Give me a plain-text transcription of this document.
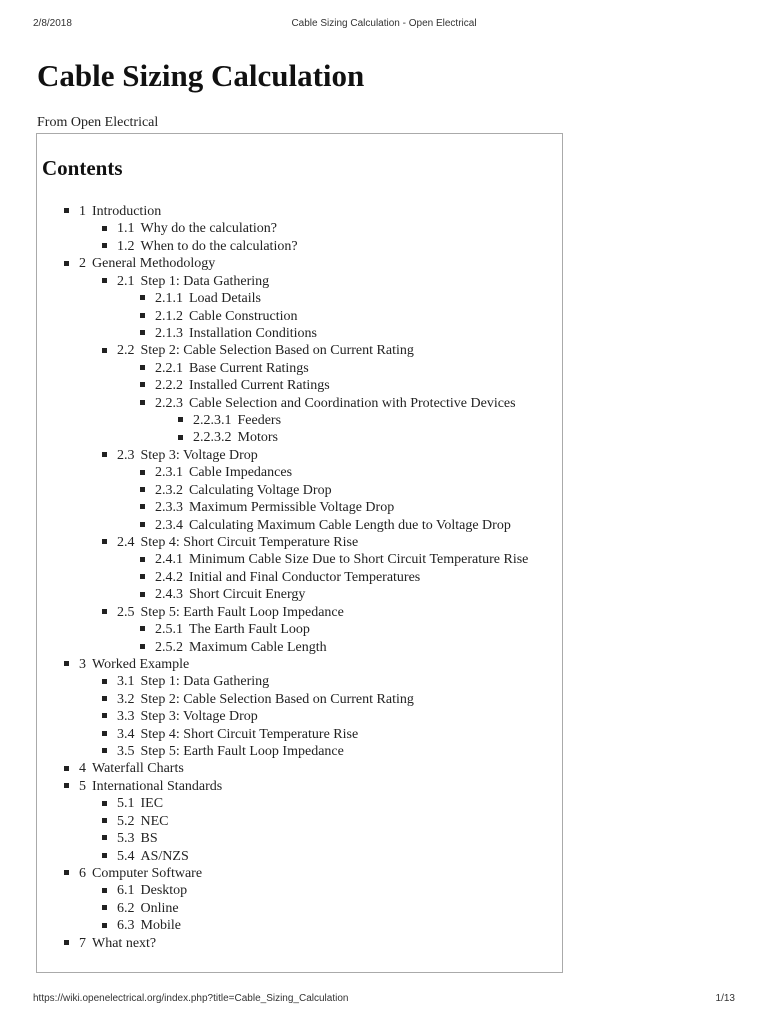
2/8/2018	Cable Sizing Calculation - Open Electrical
Cable Sizing Calculation
From Open Electrical
Contents
1 Introduction
1.1 Why do the calculation?
1.2 When to do the calculation?
2 General Methodology
2.1 Step 1: Data Gathering
2.1.1 Load Details
2.1.2 Cable Construction
2.1.3 Installation Conditions
2.2 Step 2: Cable Selection Based on Current Rating
2.2.1 Base Current Ratings
2.2.2 Installed Current Ratings
2.2.3 Cable Selection and Coordination with Protective Devices
2.2.3.1 Feeders
2.2.3.2 Motors
2.3 Step 3: Voltage Drop
2.3.1 Cable Impedances
2.3.2 Calculating Voltage Drop
2.3.3 Maximum Permissible Voltage Drop
2.3.4 Calculating Maximum Cable Length due to Voltage Drop
2.4 Step 4: Short Circuit Temperature Rise
2.4.1 Minimum Cable Size Due to Short Circuit Temperature Rise
2.4.2 Initial and Final Conductor Temperatures
2.4.3 Short Circuit Energy
2.5 Step 5: Earth Fault Loop Impedance
2.5.1 The Earth Fault Loop
2.5.2 Maximum Cable Length
3 Worked Example
3.1 Step 1: Data Gathering
3.2 Step 2: Cable Selection Based on Current Rating
3.3 Step 3: Voltage Drop
3.4 Step 4: Short Circuit Temperature Rise
3.5 Step 5: Earth Fault Loop Impedance
4 Waterfall Charts
5 International Standards
5.1 IEC
5.2 NEC
5.3 BS
5.4 AS/NZS
6 Computer Software
6.1 Desktop
6.2 Online
6.3 Mobile
7 What next?
https://wiki.openelectrical.org/index.php?title=Cable_Sizing_Calculation	1/13
